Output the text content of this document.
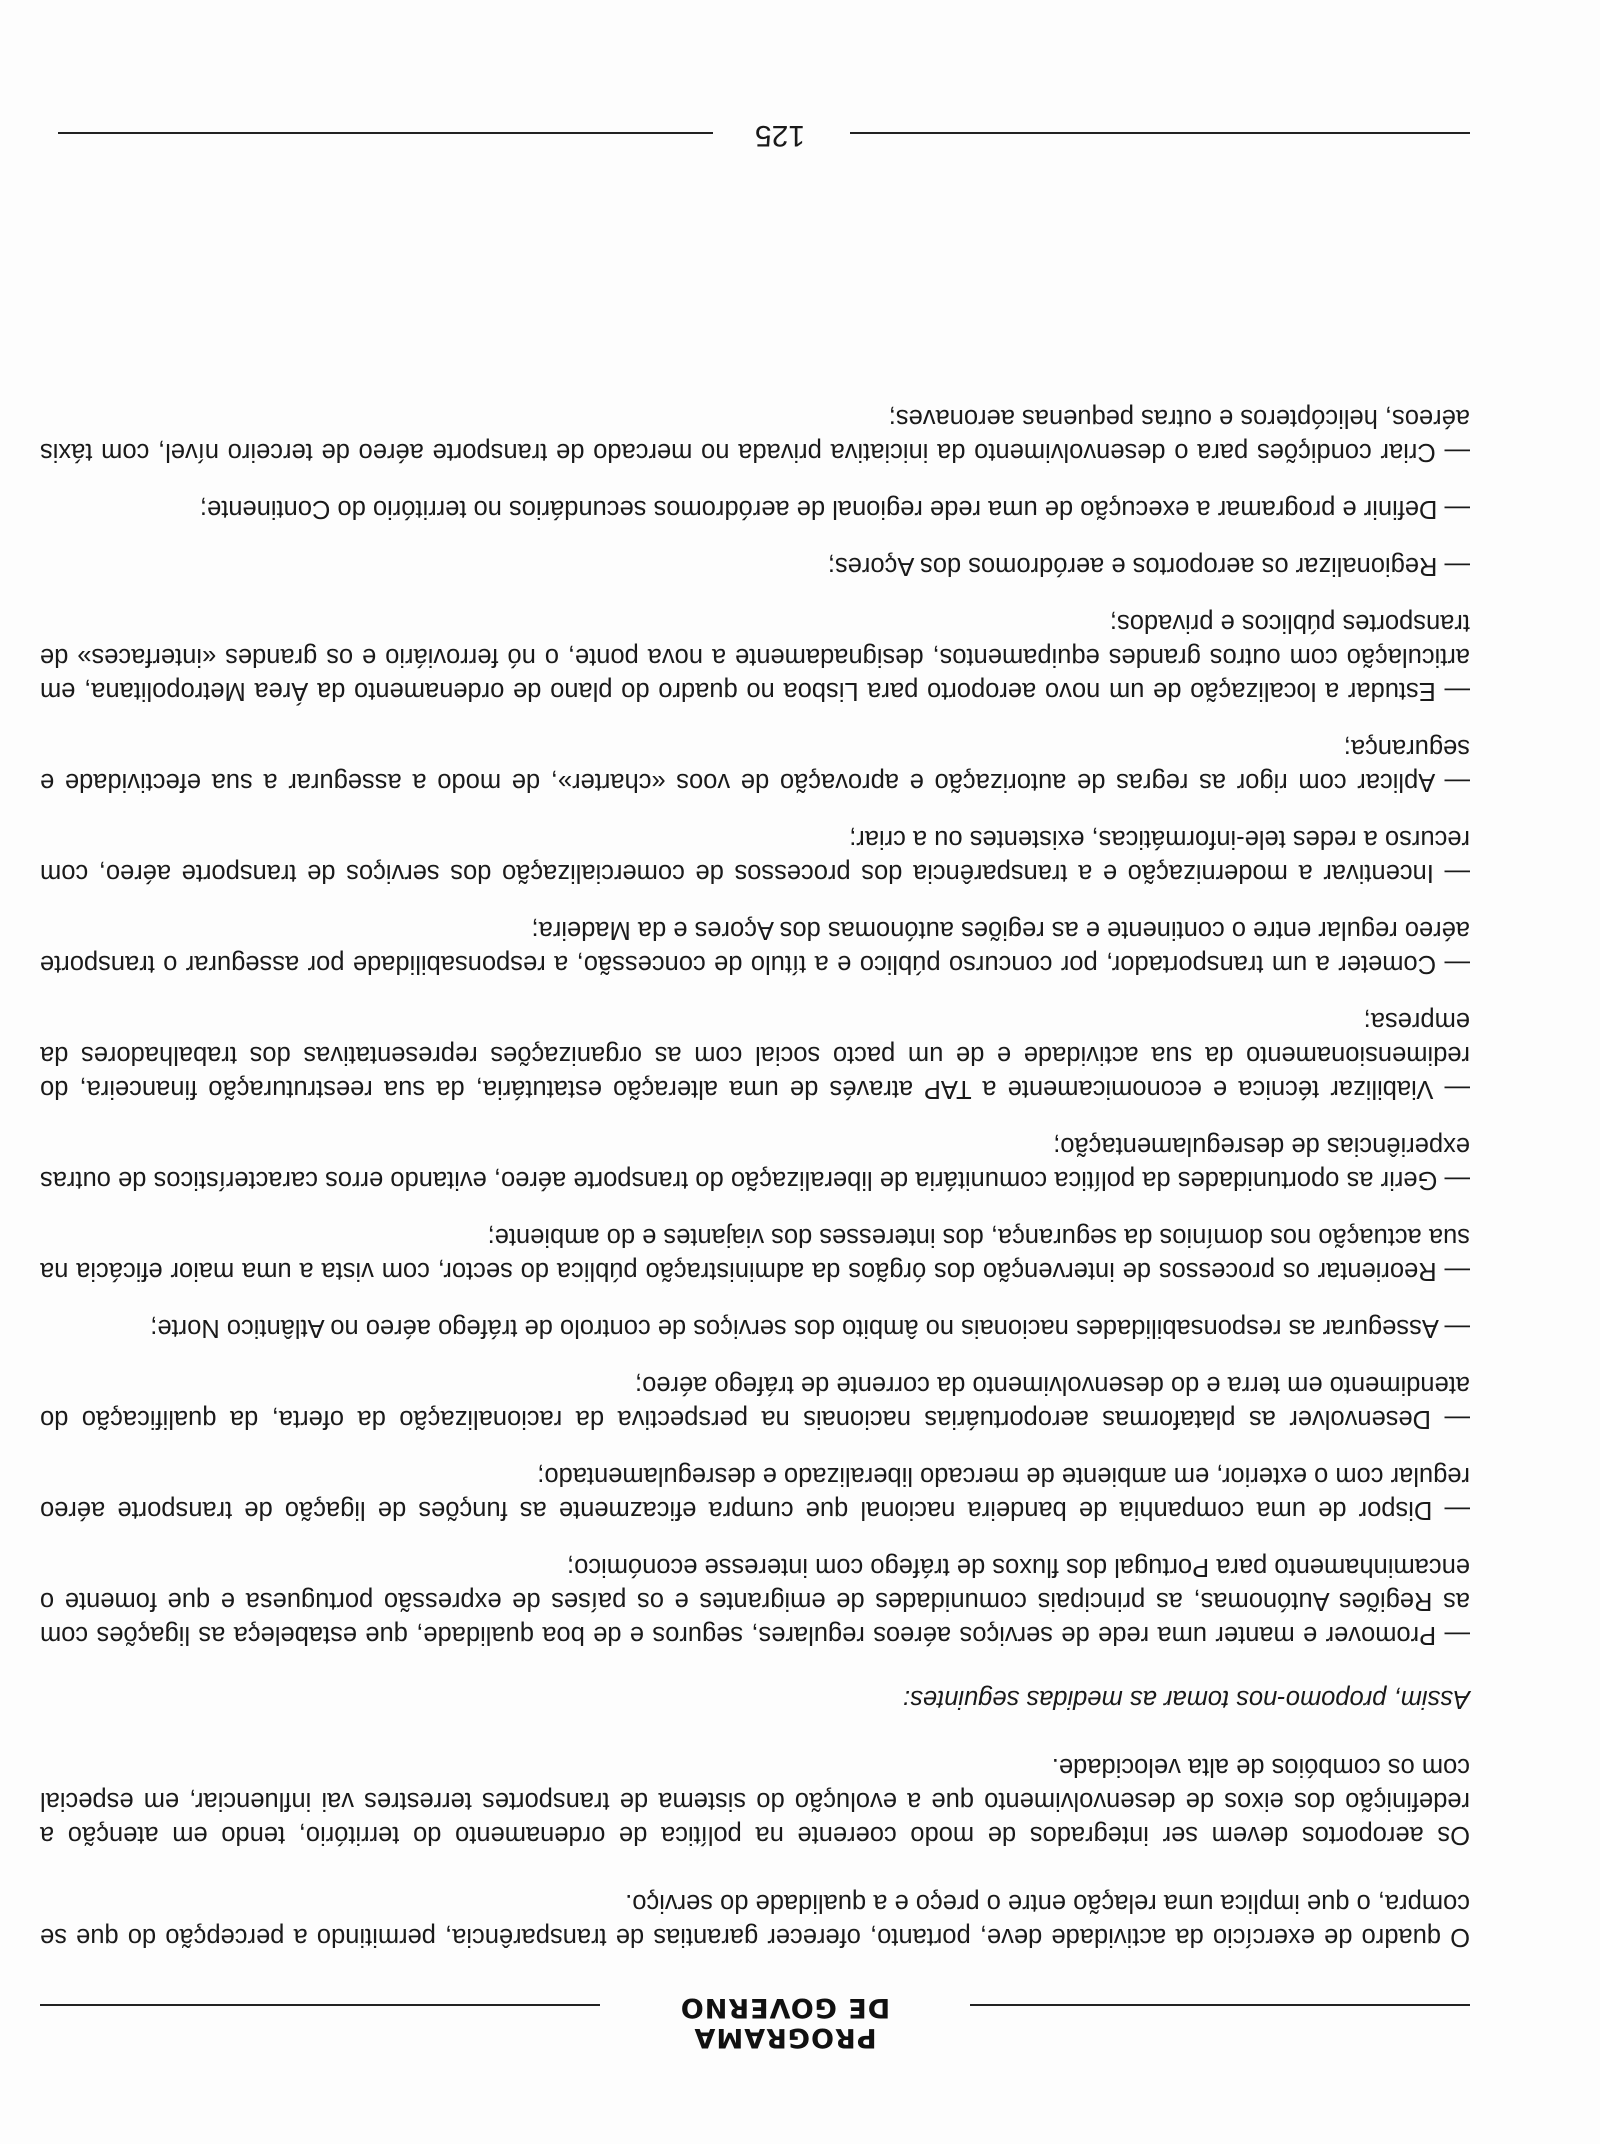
PROGRAMA
DE GOVERNO

O quadro de exercício da actividade deve, portanto, oferecer garantias de transparência, permitindo a percepção do que se compra, o que implica uma relação entre o preço e a qualidade do serviço.

Os aeroportos devem ser integrados de modo coerente na política de ordenamento do território, tendo em atenção a redefinição dos eixos de desenvolvimento que a evolução do sistema de transportes terrestres vai influenciar, em especial com os combóios de alta velocidade.

Assim, propomo-nos tomar as medidas seguintes:

— Promover e manter uma rede de serviços aéreos regulares, seguros e de boa qualidade, que estabeleça as ligações com as Regiões Autónomas, as principais comunidades de emigrantes e os países de expressão portuguesa e que fomente o encaminhamento para Portugal dos fluxos de tráfego com interesse económico;

— Dispor de uma companhia de bandeira nacional que cumpra eficazmente as funções de ligação de transporte aéreo regular com o exterior, em ambiente de mercado liberalizado e desregulamentado;

— Desenvolver as plataformas aeroportuárias nacionais na perspectiva da racionalização da oferta, da qualificação do atendimento em terra e do desenvolvimento da corrente de tráfego aéreo;

— Assegurar as responsabilidades nacionais no âmbito dos serviços de controlo de tráfego aéreo no Atlântico Norte;

— Reorientar os processos de intervenção dos órgãos da administração pública do sector, com vista a uma maior eficácia na sua actuação nos domínios da segurança, dos interesses dos viajantes e do ambiente;

— Gerir as oportunidades da política comunitária de liberalização do transporte aéreo, evitando erros característicos de outras experiências de desregulamentação;

— Viabilizar técnica e economicamente a TAP através de uma alteração estatutária, da sua reestruturação financeira, do redimensionamento da sua actividade e de um pacto social com as organizações representativas dos trabalhadores da empresa;

— Cometer a um transportador, por concurso público e a título de concessão, a responsabilidade por assegurar o transporte aéreo regular entre o continente e as regiões autónomas dos Açores e da Madeira;

— Incentivar a modernização e a transparência dos processos de comercialização dos serviços de transporte aéreo, com recurso a redes tele-informáticas, existentes ou a criar;

— Aplicar com rigor as regras de autorização e aprovação de voos «charter», de modo a assegurar a sua efectividade e segurança;

— Estudar a localização de um novo aeroporto para Lisboa no quadro do plano de ordenamento da Área Metropolitana, em articulação com outros grandes equipamentos, designadamente a nova ponte, o nó ferroviário e os grandes «interfaces» de transportes públicos e privados;

— Regionalizar os aeroportos e aeródromos dos Açores;

— Definir e programar a execução de uma rede regional de aeródromos secundários no território do Continente;

— Criar condições para o desenvolvimento da iniciativa privada no mercado de transporte aéreo de terceiro nível, com táxis aéreos, helicópteros e outras pequenas aeronaves;

125
